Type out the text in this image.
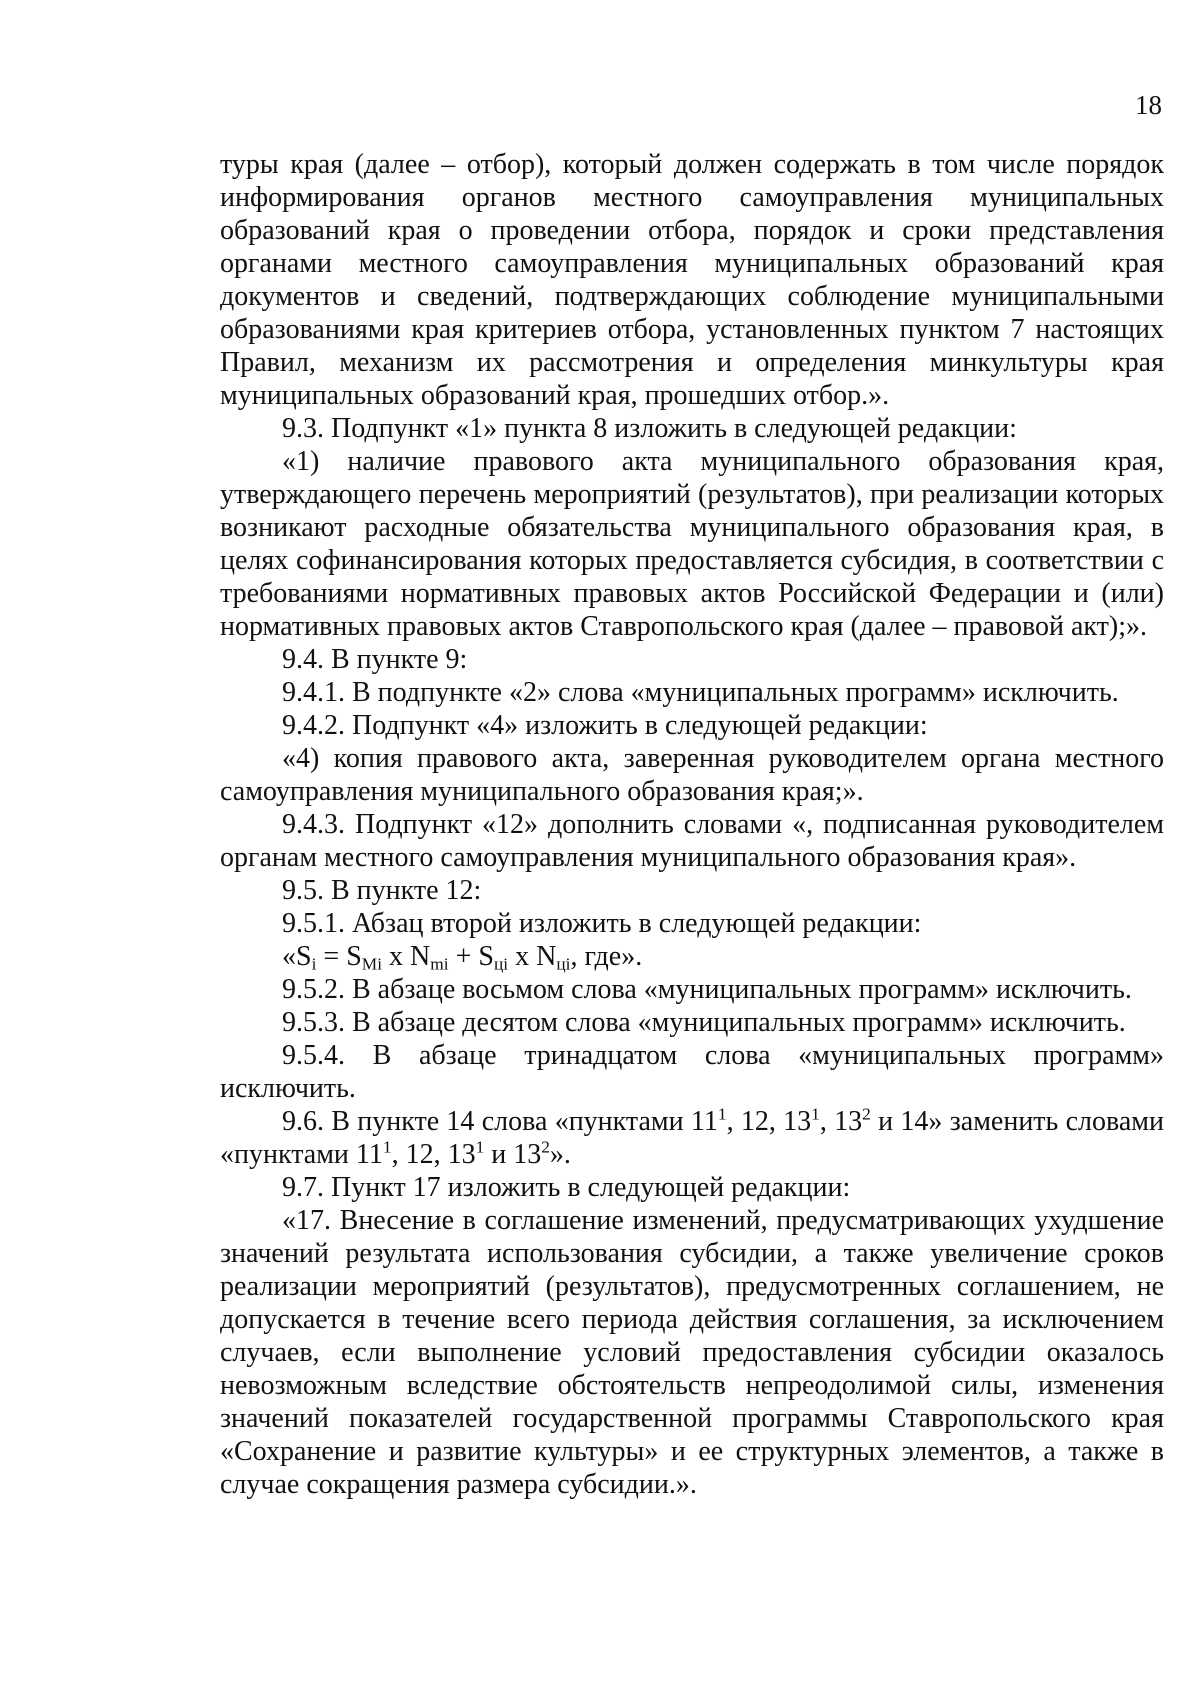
18

туры края (далее – отбор), который должен содержать в том числе порядок информирования органов местного самоуправления муниципальных образований края о проведении отбора, порядок и сроки представления органами местного самоуправления муниципальных образований края документов и сведений, подтверждающих соблюдение муниципальными образованиями края критериев отбора, установленных пунктом 7 настоящих Правил, механизм их рассмотрения и определения минкультуры края муниципальных образований края, прошедших отбор.».

9.3. Подпункт «1» пункта 8 изложить в следующей редакции:

«1) наличие правового акта муниципального образования края, утверждающего перечень мероприятий (результатов), при реализации которых возникают расходные обязательства муниципального образования края, в целях софинансирования которых предоставляется субсидия, в соответствии с требованиями нормативных правовых актов Российской Федерации и (или) нормативных правовых актов Ставропольского края (далее – правовой акт);».

9.4. В пункте 9:

9.4.1. В подпункте «2» слова «муниципальных программ» исключить.

9.4.2. Подпункт «4» изложить в следующей редакции:

«4) копия правового акта, заверенная руководителем органа местного самоуправления муниципального образования края;».

9.4.3. Подпункт «12» дополнить словами «, подписанная руководителем органам местного самоуправления муниципального образования края».

9.5. В пункте 12:

9.5.1. Абзац второй изложить в следующей редакции:

«$S_i = S_{Mi}$ x $N_{mi} + S_{цi}$ x $N_{цi}$, где».

9.5.2. В абзаце восьмом слова «муниципальных программ» исключить.

9.5.3. В абзаце десятом слова «муниципальных программ» исключить.

9.5.4. В абзаце тринадцатом слова «муниципальных программ» исключить.

9.6. В пункте 14 слова «пунктами $11^1$, 12, $13^1$, $13^2$ и 14» заменить словами «пунктами $11^1$, 12, $13^1$ и $13^2$».

9.7. Пункт 17 изложить в следующей редакции:

«17. Внесение в соглашение изменений, предусматривающих ухудшение значений результата использования субсидии, а также увеличение сроков реализации мероприятий (результатов), предусмотренных соглашением, не допускается в течение всего периода действия соглашения, за исключением случаев, если выполнение условий предоставления субсидии оказалось невозможным вследствие обстоятельств непреодолимой силы, изменения значений показателей государственной программы Ставропольского края «Сохранение и развитие культуры» и ее структурных элементов, а также в случае сокращения размера субсидии.».
